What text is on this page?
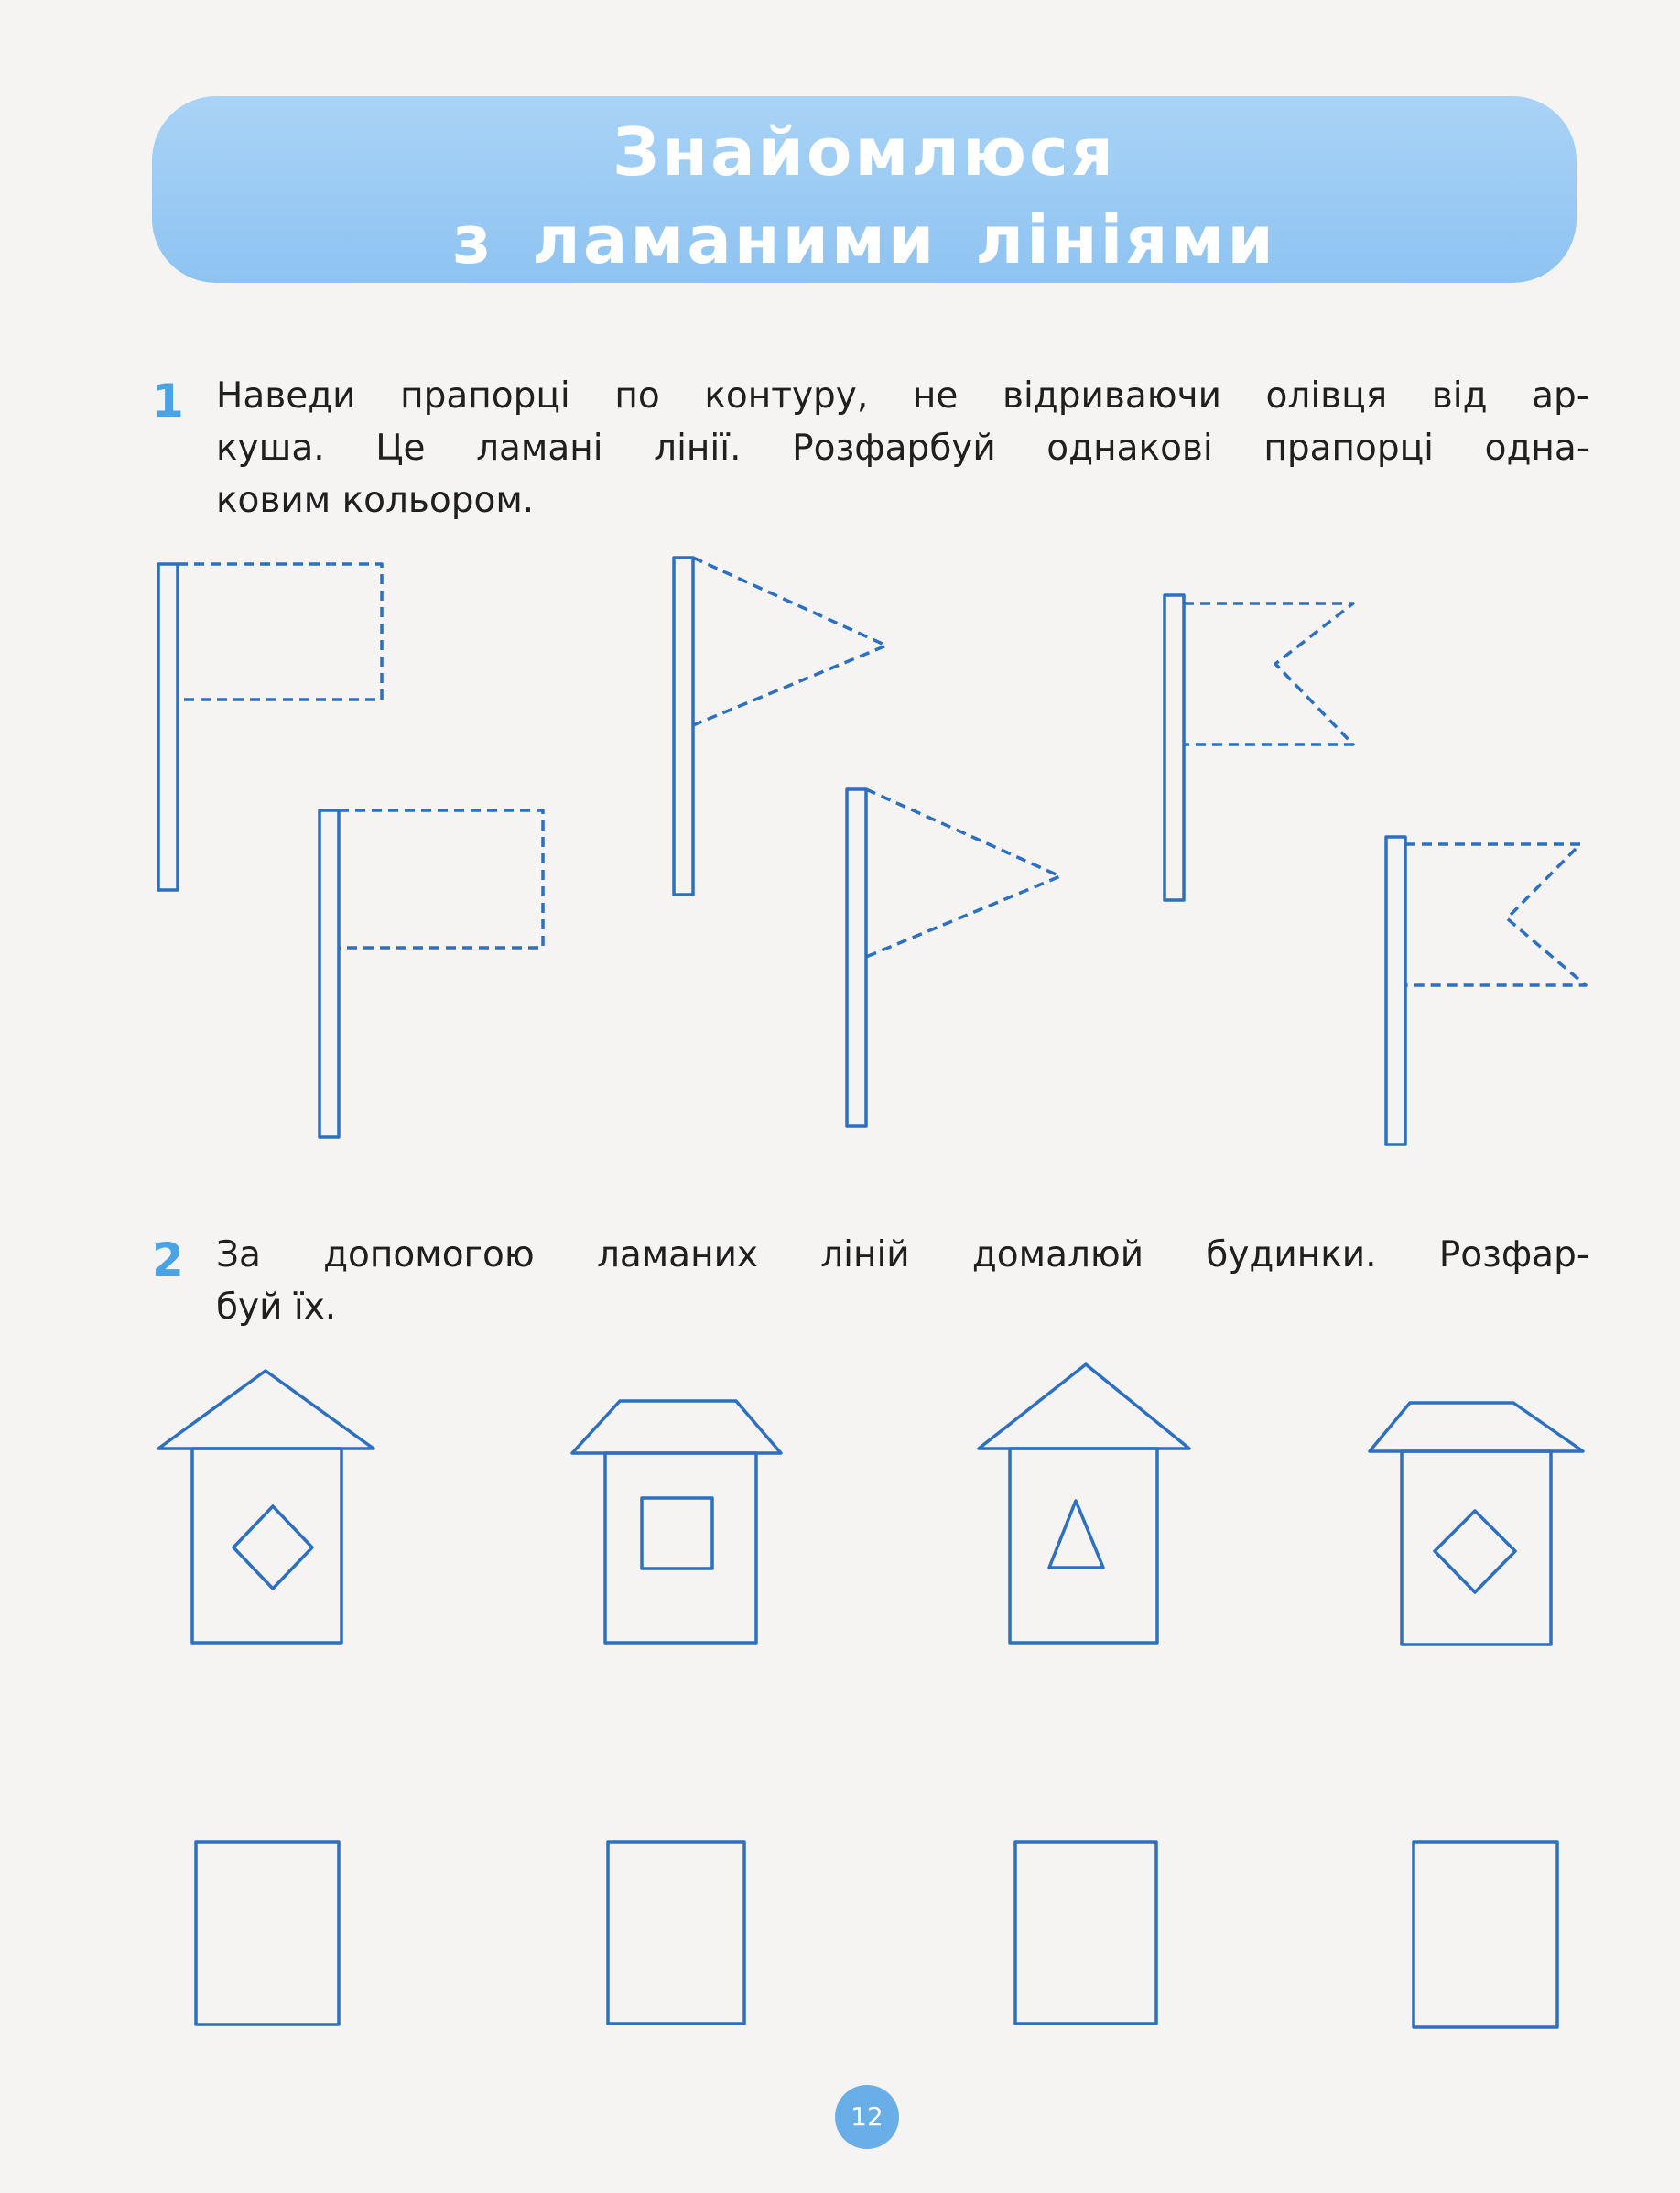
Знайомлюся
з ламаними лініями
1 Наведи прапорці по контуру, не відриваючи олівця від ар-
куша. Це ламані лінії. Розфарбуй однакові прапорці одна-
ковим кольором.
2 За допомогою ламаних ліній домалюй будинки. Розфар-
буй їх.
12
